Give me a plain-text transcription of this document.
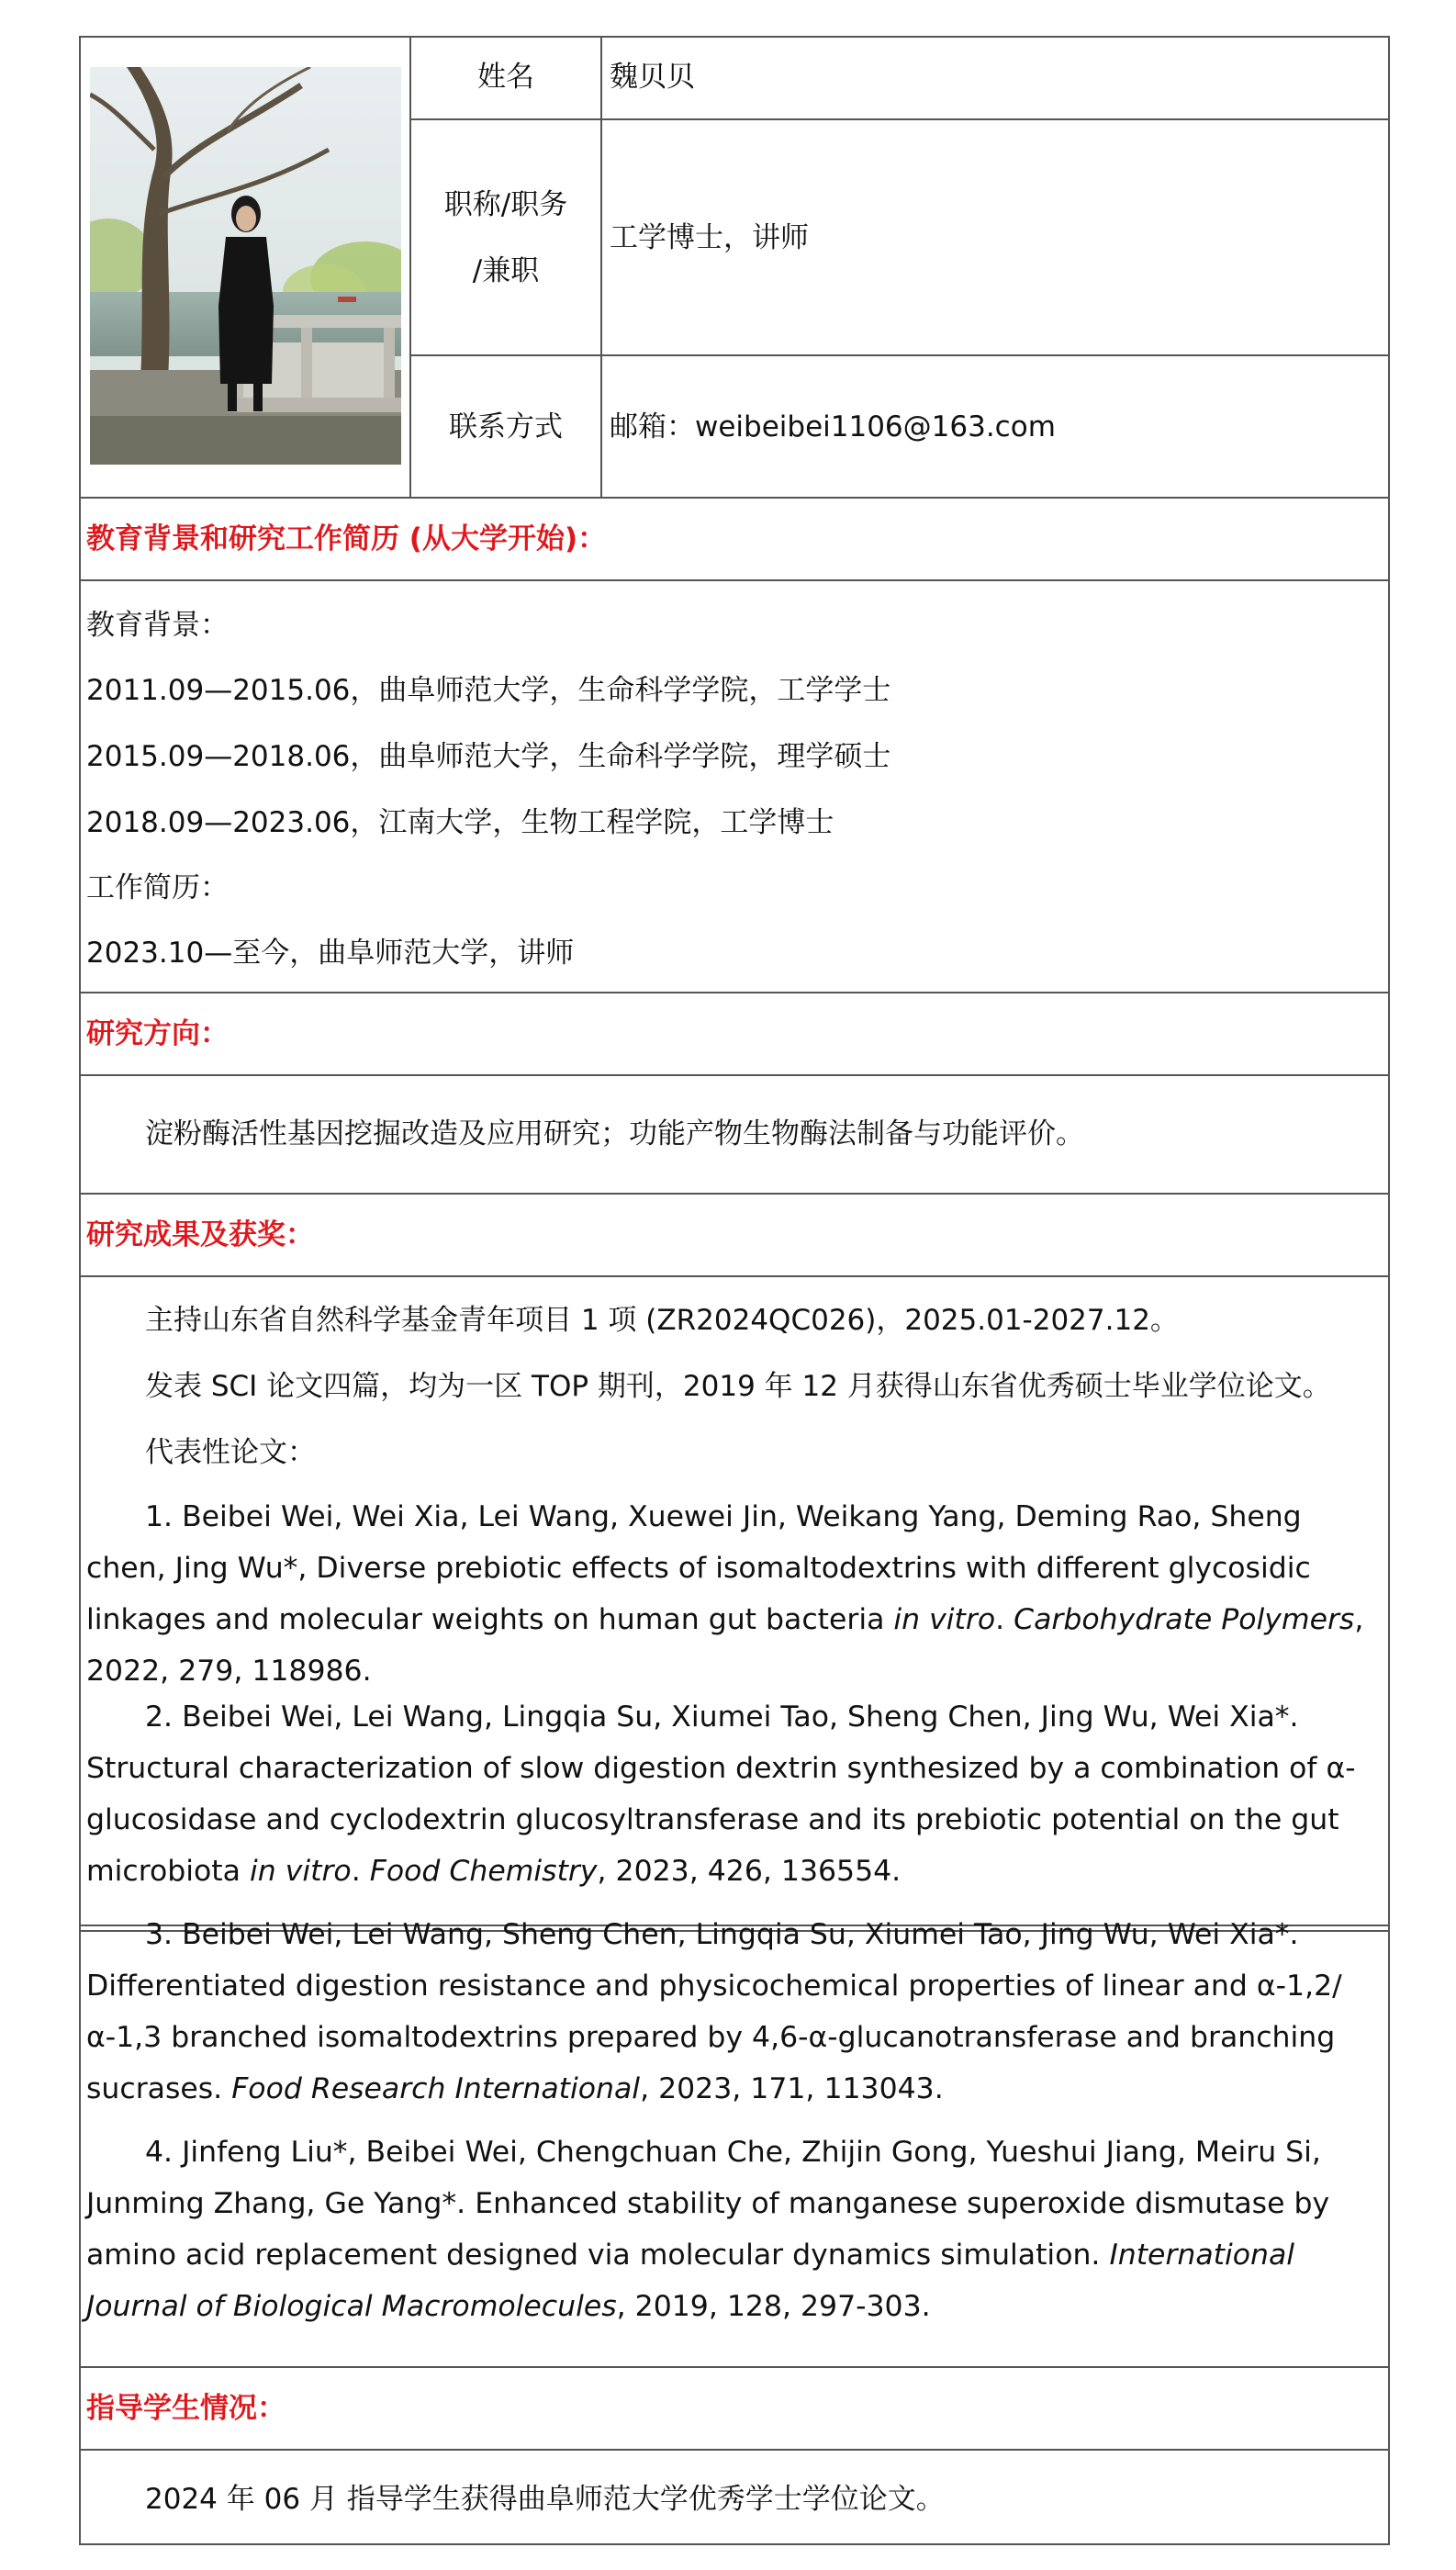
姓名	魏贝贝
职称/职务
/兼职
工学博士，讲师
联系方式	邮箱：weibeibei1106@163.com
教育背景和研究工作简历 (从大学开始)：
教育背景：
2011.09—2015.06，曲阜师范大学，生命科学学院，工学学士
2015.09—2018.06，曲阜师范大学，生命科学学院，理学硕士
2018.09—2023.06，江南大学，生物工程学院，工学博士
工作简历：
2023.10—至今，曲阜师范大学，讲师
研究方向：
淀粉酶活性基因挖掘改造及应用研究；功能产物生物酶法制备与功能评价。
研究成果及获奖：
主持山东省自然科学基金青年项目 1 项 (ZR2024QC026)，2025.01-2027.12。
发表 SCI 论文四篇，均为一区 TOP 期刊，2019 年 12 月获得山东省优秀硕士毕业学位论文。
代表性论文：
1. Beibei Wei, Wei Xia, Lei Wang, Xuewei Jin, Weikang Yang, Deming Rao, Sheng chen, Jing Wu*, Diverse prebiotic effects of isomaltodextrins with different glycosidic linkages and molecular weights on human gut bacteria in vitro. Carbohydrate Polymers, 2022, 279, 118986.
2. Beibei Wei, Lei Wang, Lingqia Su, Xiumei Tao, Sheng Chen, Jing Wu, Wei Xia*. Structural characterization of slow digestion dextrin synthesized by a combination of α-glucosidase and cyclodextrin glucosyltransferase and its prebiotic potential on the gut microbiota in vitro. Food Chemistry, 2023, 426, 136554.
3. Beibei Wei, Lei Wang, Sheng Chen, Lingqia Su, Xiumei Tao, Jing Wu, Wei Xia*. Differentiated digestion resistance and physicochemical properties of linear and α-1,2/α-1,3 branched isomaltodextrins prepared by 4,6-α-glucanotransferase and branching sucrases. Food Research International, 2023, 171, 113043.
4. Jinfeng Liu*, Beibei Wei, Chengchuan Che, Zhijin Gong, Yueshui Jiang, Meiru Si, Junming Zhang, Ge Yang*. Enhanced stability of manganese superoxide dismutase by amino acid replacement designed via molecular dynamics simulation. International Journal of Biological Macromolecules, 2019, 128, 297-303.
指导学生情况：
2024 年 06 月 指导学生获得曲阜师范大学优秀学士学位论文。
